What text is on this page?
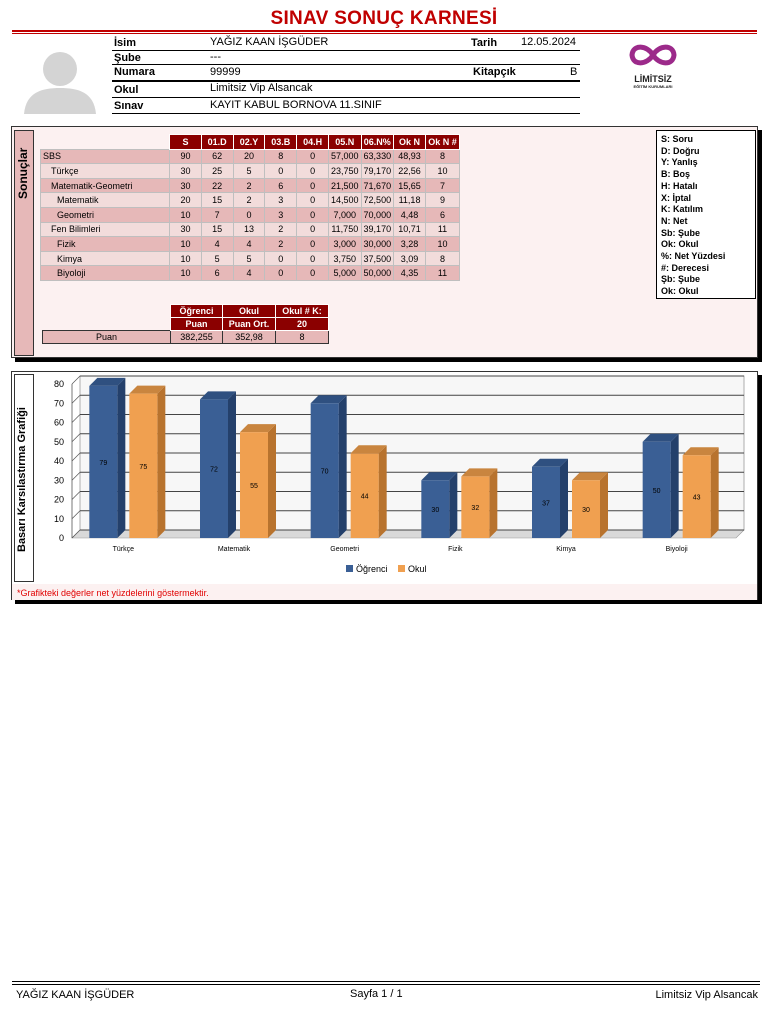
SINAV SONUÇ KARNESİ
İsim	YAĞIZ KAAN İŞGÜDER	Tarih 12.05.2024
Şube	---
Numara	99999	Kitapçık	B
Okul	Limitsiz Vip Alsancak
Sınav	KAYIT KABUL BORNOVA 11.SINIF
LİMİTSİZ
EĞİTİM KURUMLARI
Sonuçlar
	S	01.D	02.Y	03.B	04.H	05.N	06.N%	Ok N	Ok N #
SBS	90	62	20	8	0	57,000	63,330	48,93	8
Türkçe	30	25	5	0	0	23,750	79,170	22,56	10
Matematik-Geometri	30	22	2	6	0	21,500	71,670	15,65	7
Matematik	20	15	2	3	0	14,500	72,500	11,18	9
Geometri	10	7	0	3	0	7,000	70,000	4,48	6
Fen Bilimleri	30	15	13	2	0	11,750	39,170	10,71	11
Fizik	10	4	4	2	0	3,000	30,000	3,28	10
Kimya	10	5	5	0	0	3,750	37,500	3,09	8
Biyoloji	10	6	4	0	0	5,000	50,000	4,35	11
S: Soru
D: Doğru
Y: Yanlış
B: Boş
H: Hatalı
X: İptal
K: Katılım
N: Net
Sb: Şube
Ok: Okul
%: Net Yüzdesi
#: Derecesi
Şb: Şube
Ok: Okul
	Öğrenci	Okul	Okul # K:
	Puan	Puan Ort.	20
Puan	382,255	352,98	8
Basarı Karsılastırma Grafiği	0
10
20
30
40
50
60
70
80
79
75
Türkçe
72
55
Matematik
70
44
Geometri
30	32
Fizik
37
30
Kimya
50
43
Biyoloji
Öğrenci Okul
*Grafikteki değerler net yüzdelerini göstermektir.
YAĞIZ KAAN İŞGÜDER	Sayfa 1 / 1	Limitsiz Vip Alsancak
